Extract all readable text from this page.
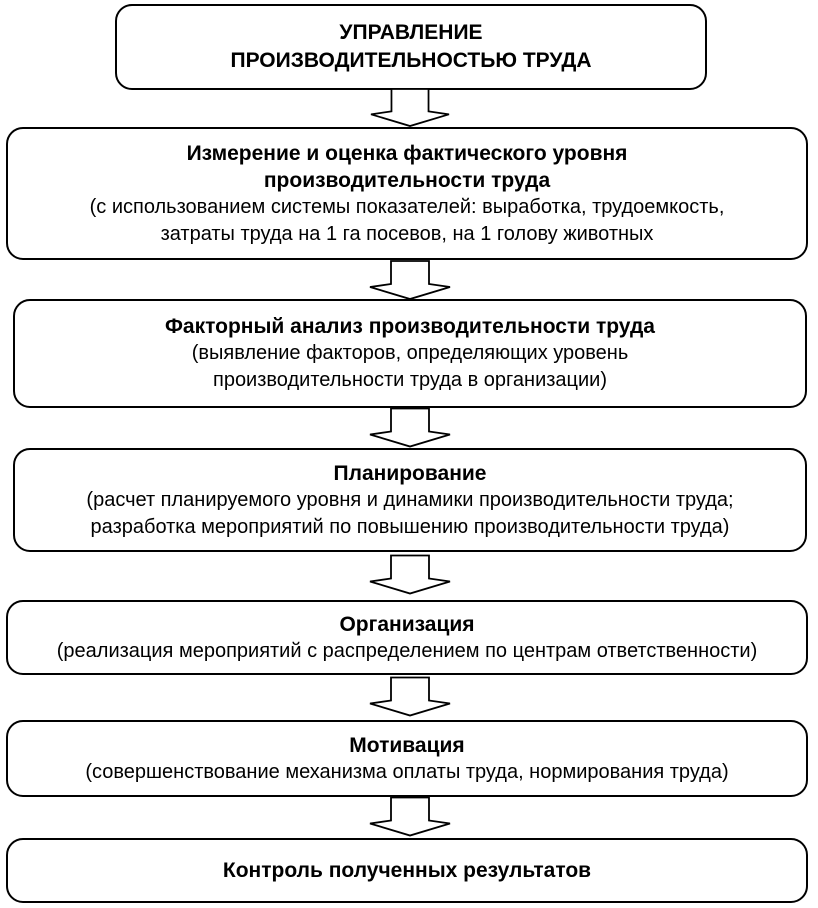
УПРАВЛЕНИЕ
ПРОИЗВОДИТЕЛЬНОСТЬЮ ТРУДА
Измерение и оценка фактического уровня
производительности труда
(с использованием системы показателей: выработка, трудоемкость,
затраты труда на 1 га посевов, на 1 голову животных
Факторный анализ производительности труда
(выявление факторов, определяющих уровень
производительности труда в организации)
Планирование
(расчет планируемого уровня и динамики производительности труда;
разработка мероприятий по повышению производительности труда)
Организация
(реализация мероприятий с распределением по центрам ответственности)
Мотивация
(совершенствование механизма оплаты труда, нормирования труда)
Контроль полученных результатов
